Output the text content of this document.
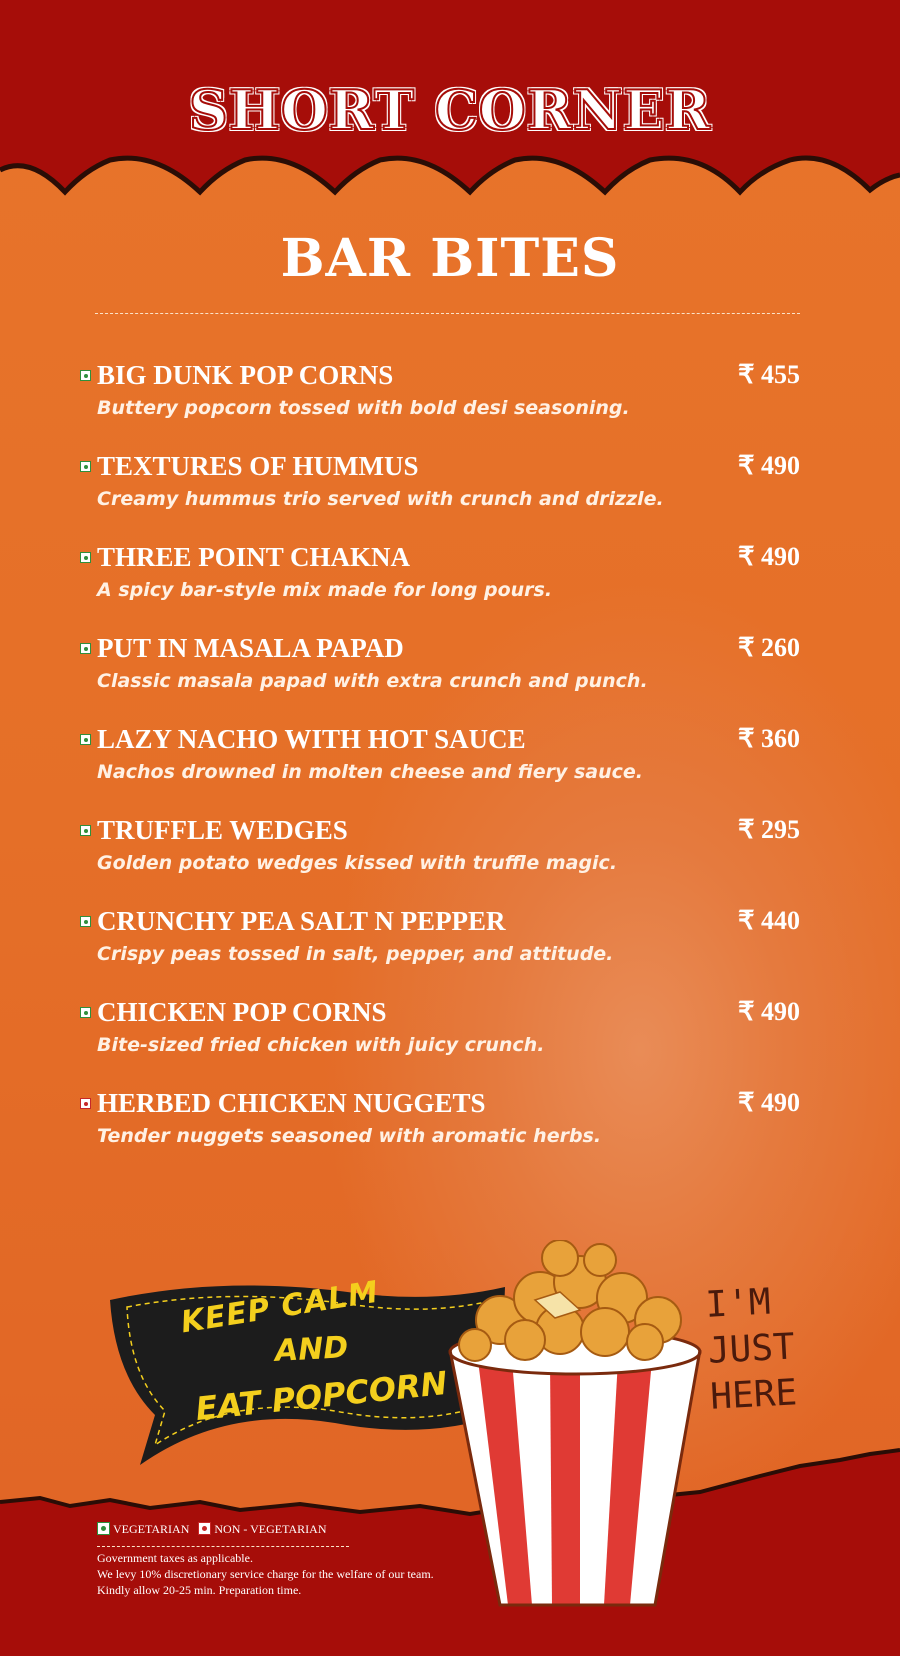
SHORT CORNER
BAR BITES
BIG DUNK POP CORNS	₹ 455
Buttery popcorn tossed with bold desi seasoning.
TEXTURES OF HUMMUS	₹ 490
Creamy hummus trio served with crunch and drizzle.
THREE POINT CHAKNA	₹ 490
A spicy bar-style mix made for long pours.
PUT IN MASALA PAPAD	₹ 260
Classic masala papad with extra crunch and punch.
LAZY NACHO WITH HOT SAUCE	₹ 360
Nachos drowned in molten cheese and fiery sauce.
TRUFFLE WEDGES	₹ 295
Golden potato wedges kissed with truffle magic.
CRUNCHY PEA SALT N PEPPER	₹ 440
Crispy peas tossed in salt, pepper, and attitude.
CHICKEN POP CORNS	₹ 490
Bite-sized fried chicken with juicy crunch.
HERBED CHICKEN NUGGETS	₹ 490
Tender nuggets seasoned with aromatic herbs.
KEEP CALM
AND
EAT POPCORN
I'M
JUST
HERE
VEGETARIAN NON - VEGETARIAN
Government taxes as applicable.
We levy 10% discretionary service charge for the welfare of our team.
Kindly allow 20-25 min. Preparation time.
